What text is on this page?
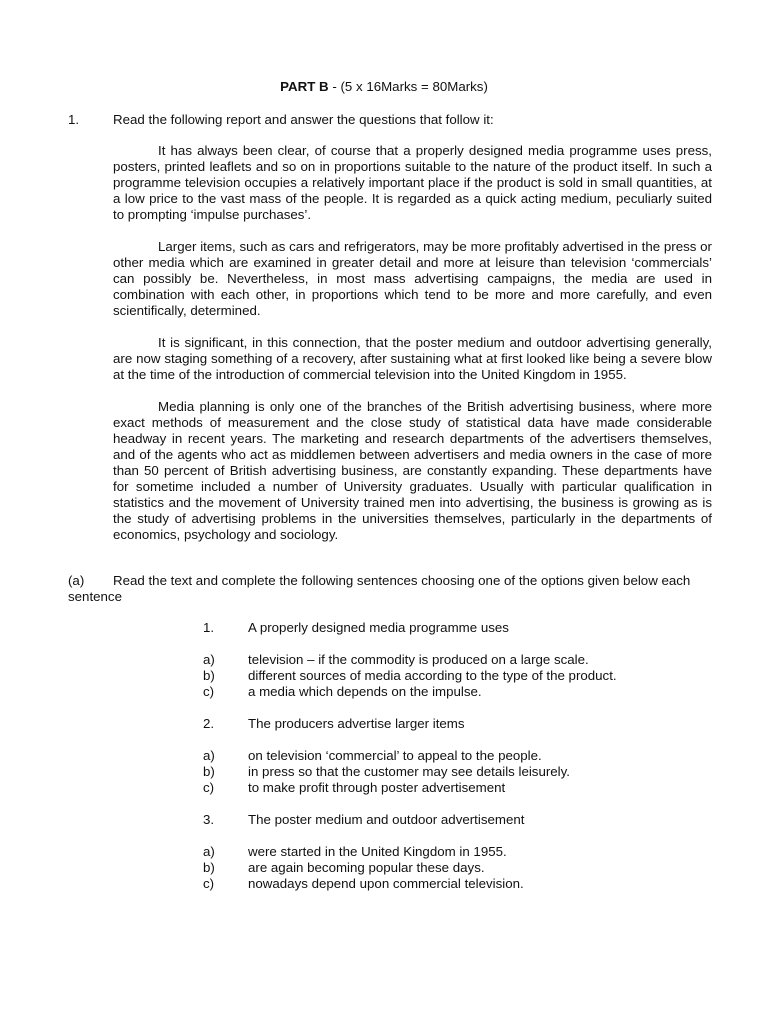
PART B - (5 x 16Marks = 80Marks)
1.	Read the following report and answer the questions that follow it:

It has always been clear, of course that a properly designed media programme uses press, posters, printed leaflets and so on in proportions suitable to the nature of the product itself. In such a programme television occupies a relatively important place if the product is sold in small quantities, at a low price to the vast mass of the people. It is regarded as a quick acting medium, peculiarly suited to prompting ‘impulse purchases’.

Larger items, such as cars and refrigerators, may be more profitably advertised in the press or other media which are examined in greater detail and more at leisure than television ‘commercials’ can possibly be. Nevertheless, in most mass advertising campaigns, the media are used in combination with each other, in proportions which tend to be more and more carefully, and even scientifically, determined.

It is significant, in this connection, that the poster medium and outdoor advertising generally, are now staging something of a recovery, after sustaining what at first looked like being a severe blow at the time of the introduction of commercial television into the United Kingdom in 1955.

Media planning is only one of the branches of the British advertising business, where more exact methods of measurement and the close study of statistical data have made considerable headway in recent years. The marketing and research departments of the advertisers themselves, and of the agents who act as middlemen between advertisers and media owners in the case of more than 50 percent of British advertising business, are constantly expanding. These departments have for sometime included a number of University graduates. Usually with particular qualification in statistics and the movement of University trained men into advertising, the business is growing as is the study of advertising problems in the universities themselves, particularly in the departments of economics, psychology and sociology.

(a) Read the text and complete the following sentences choosing one of the options given below each sentence
1.	A properly designed media programme uses
a) television – if the commodity is produced on a large scale.
b) different sources of media according to the type of the product.
c)	a media which depends on the impulse.
2.	The producers advertise larger items
a) on television ‘commercial’ to appeal to the people.
b) in press so that the customer may see details leisurely.
c)	to make profit through poster advertisement
3.	The poster medium and outdoor advertisement
a) were started in the United Kingdom in 1955.
b) are again becoming popular these days.
c)	nowadays depend upon commercial television.
